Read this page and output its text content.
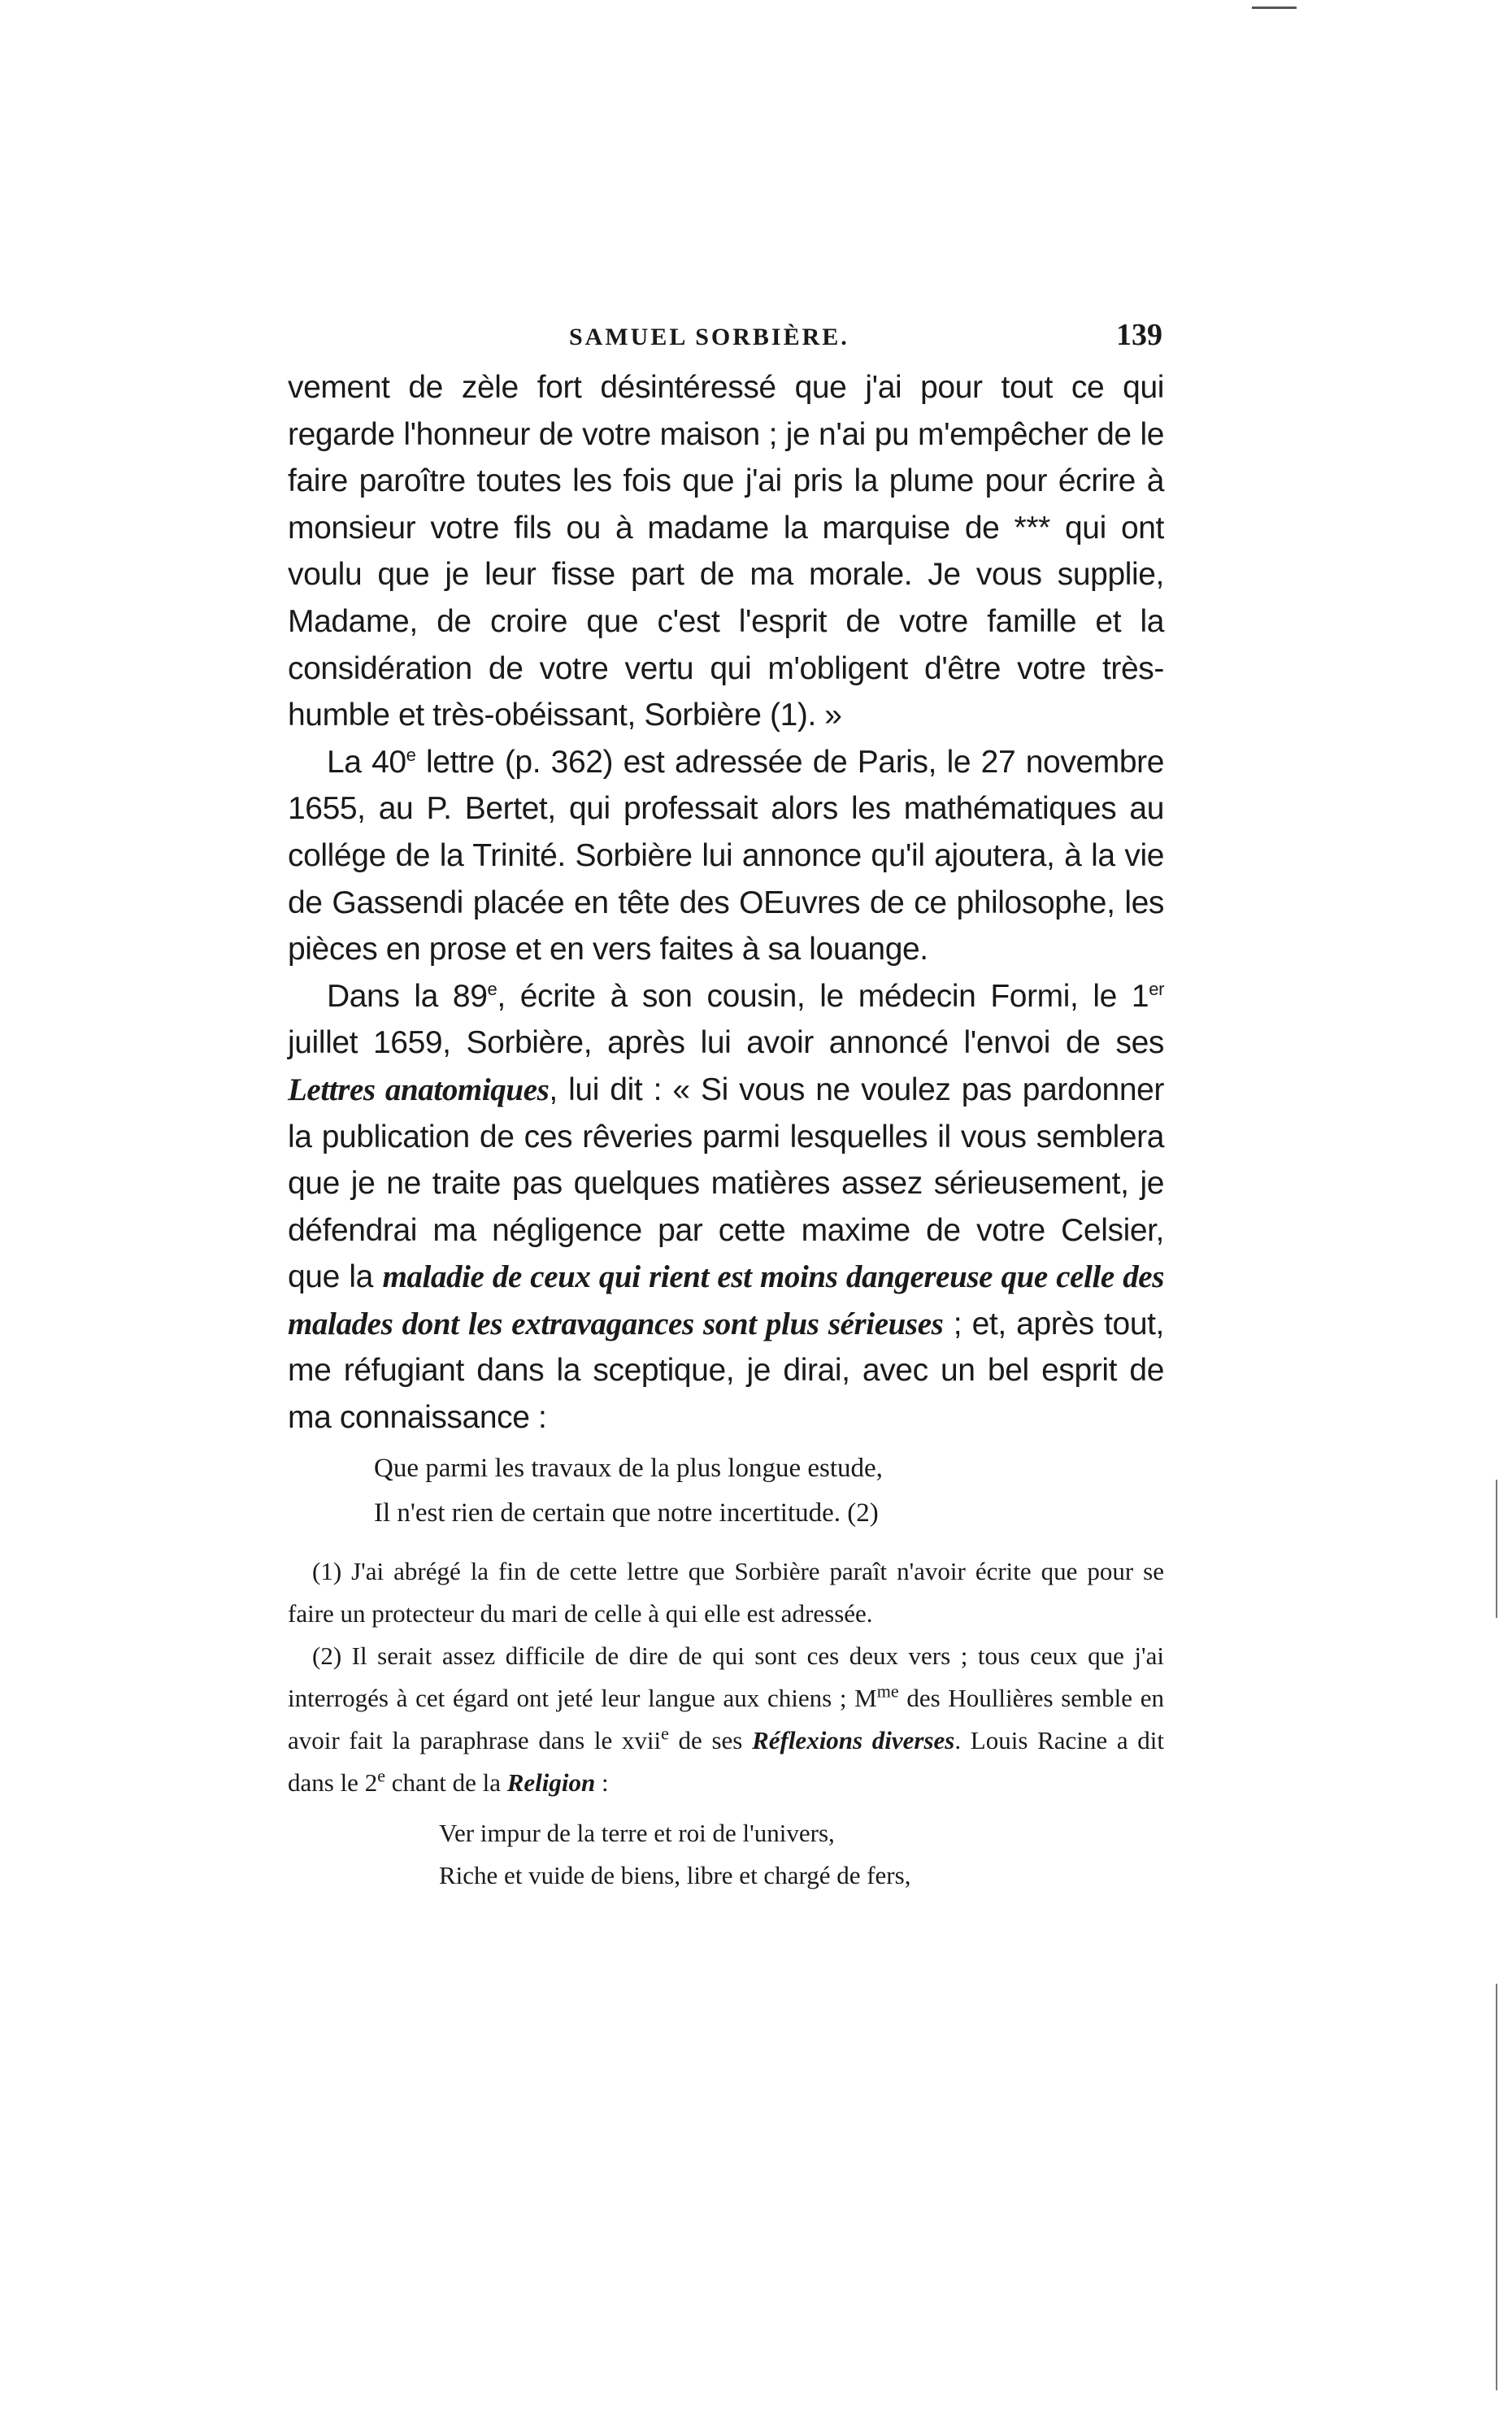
SAMUEL SORBIÈRE.	139

vement de zèle fort désintéressé que j'ai pour tout ce qui regarde l'honneur de votre maison ; je n'ai pu m'empêcher de le faire paroître toutes les fois que j'ai pris la plume pour écrire à monsieur votre fils ou à madame la marquise de *** qui ont voulu que je leur fisse part de ma morale. Je vous supplie, Madame, de croire que c'est l'esprit de votre famille et la considération de votre vertu qui m'obligent d'être votre très-humble et très-obéissant, Sorbière (1). »

La 40e lettre (p. 362) est adressée de Paris, le 27 novembre 1655, au P. Bertet, qui professait alors les mathématiques au collége de la Trinité. Sorbière lui annonce qu'il ajoutera, à la vie de Gassendi placée en tête des OEuvres de ce philosophe, les pièces en prose et en vers faites à sa louange.

Dans la 89e, écrite à son cousin, le médecin Formi, le 1er juillet 1659, Sorbière, après lui avoir annoncé l'envoi de ses Lettres anatomiques, lui dit : « Si vous ne voulez pas pardonner la publication de ces rêveries parmi lesquelles il vous semblera que je ne traite pas quelques matières assez sérieusement, je défendrai ma négligence par cette maxime de votre Celsier, que la maladie de ceux qui rient est moins dangereuse que celle des malades dont les extravagances sont plus sérieuses ; et, après tout, me réfugiant dans la sceptique, je dirai, avec un bel esprit de ma connaissance :

Que parmi les travaux de la plus longue estude,

Il n'est rien de certain que notre incertitude. (2)

(1) J'ai abrégé la fin de cette lettre que Sorbière paraît n'avoir écrite que pour se faire un protecteur du mari de celle à qui elle est adressée.

(2) Il serait assez difficile de dire de qui sont ces deux vers ; tous ceux que j'ai interrogés à cet égard ont jeté leur langue aux chiens ; $M^{me}$ des Houllières semble en avoir fait la paraphrase dans le xvii$^e$ de ses Réflexions diverses. Louis Racine a dit dans le 2e chant de la Religion :

Ver impur de la terre et roi de l'univers,

Riche et vuide de biens, libre et chargé de fers,
